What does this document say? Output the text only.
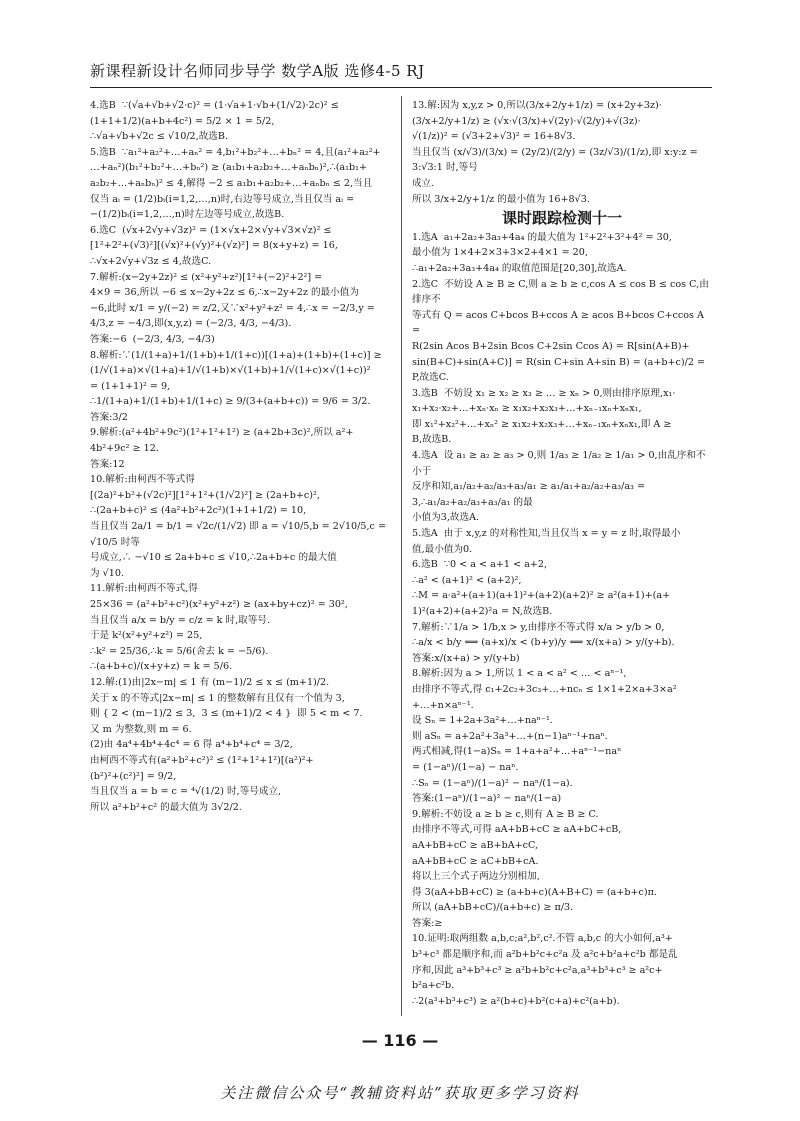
新课程新设计名师同步导学 数学A版 选修4-5 RJ
4.选B  ∵(√a+√b+√2·c)² = (1·√a+1·√b+(1/√2)·2c)² ≤
(1+1+1/2)(a+b+4c²) = 5/2 × 1 = 5/2,
∴√a+√b+√2c ≤ √10/2,故选B.
5.选B  ∵a₁²+a₂²+…+aₙ² = 4,b₁²+b₂²+…+bₙ² = 4,且(a₁²+a₂²+
…+aₙ²)(b₁²+b₂²+…+bₙ²) ≥ (a₁b₁+a₂b₂+…+aₙbₙ)²,∴(a₁b₁+
a₂b₂+…+aₙbₙ)² ≤ 4,解得 −2 ≤ a₁b₁+a₂b₂+…+aₙbₙ ≤ 2,当且
仅当 aᵢ = (1/2)bᵢ(i=1,2,…,n)时,右边等号成立,当且仅当 aᵢ =
−(1/2)bᵢ(i=1,2,…,n)时左边等号成立,故选B.
6.选C  (√x+2√y+√3z)² = (1×√x+2×√y+√3×√z)² ≤
[1²+2²+(√3)²][(√x)²+(√y)²+(√z)²] = 8(x+y+z) = 16,
∴√x+2√y+√3z ≤ 4,故选C.
7.解析:(x−2y+2z)² ≤ (x²+y²+z²)[1²+(−2)²+2²] =
4×9 = 36,所以 −6 ≤ x−2y+2z ≤ 6,∴x−2y+2z 的最小值为
−6,此时 x/1 = y/(−2) = z/2,又∵x²+y²+z² = 4,∴x = −2/3,y =
4/3,z = −4/3,即(x,y,z) = (−2/3, 4/3, −4/3).
答案:−6  (−2/3, 4/3, −4/3)
8.解析:∵(1/(1+a)+1/(1+b)+1/(1+c))[(1+a)+(1+b)+(1+c)] ≥
(1/√(1+a)×√(1+a)+1/√(1+b)×√(1+b)+1/√(1+c)×√(1+c))²
= (1+1+1)² = 9,
∴1/(1+a)+1/(1+b)+1/(1+c) ≥ 9/(3+(a+b+c)) = 9/6 = 3/2.
答案:3/2
9.解析:(a²+4b²+9c²)(1²+1²+1²) ≥ (a+2b+3c)²,所以 a²+
4b²+9c² ≥ 12.
答案:12
10.解析:由柯西不等式得
[(2a)²+b²+(√2c)²][1²+1²+(1/√2)²] ≥ (2a+b+c)²,
∴(2a+b+c)² ≤ (4a²+b²+2c²)(1+1+1/2) = 10,
当且仅当 2a/1 = b/1 = √2c/(1/√2) 即 a = √10/5,b = 2√10/5,c = √10/5 时等
号成立,∴ −√10 ≤ 2a+b+c ≤ √10,∴2a+b+c 的最大值
为 √10.
11.解析:由柯西不等式,得
25×36 = (a²+b²+c²)(x²+y²+z²) ≥ (ax+by+cz)² = 30²,
当且仅当 a/x = b/y = c/z = k 时,取等号.
于是 k²(x²+y²+z²) = 25,
∴k² = 25/36,∴k = 5/6(舍去 k = −5/6).
∴(a+b+c)/(x+y+z) = k = 5/6.
12.解:(1)由|2x−m| ≤ 1 有 (m−1)/2 ≤ x ≤ (m+1)/2.
关于 x 的不等式|2x−m| ≤ 1 的整数解有且仅有一个值为 3,
则 { 2 < (m−1)/2 ≤ 3,  3 ≤ (m+1)/2 < 4 }  即 5 < m < 7.
又 m 为整数,则 m = 6.
(2)由 4a⁴+4b⁴+4c⁴ = 6 得 a⁴+b⁴+c⁴ = 3/2,
由柯西不等式有(a²+b²+c²)² ≤ (1²+1²+1²)[(a²)²+
(b²)²+(c²)²] = 9/2,
当且仅当 a = b = c = ⁴√(1/2) 时,等号成立,
所以 a²+b²+c² 的最大值为 3√2/2.
13.解:因为 x,y,z > 0,所以(3/x+2/y+1/z) = (x+2y+3z)·
(3/x+2/y+1/z) ≥ (√x·√(3/x)+√(2y)·√(2/y)+√(3z)·
√(1/z))² = (√3+2+√3)² = 16+8√3.
当且仅当 (x/√3)/(3/x) = (2y/2)/(2/y) = (3z/√3)/(1/z),即 x:y:z = 3:√3:1 时,等号
成立.
所以 3/x+2/y+1/z 的最小值为 16+8√3.
课时跟踪检测十一
1.选A  a₁+2a₂+3a₃+4a₄ 的最大值为 1²+2²+3²+4² = 30,
最小值为 1×4+2×3+3×2+4×1 = 20,
∴a₁+2a₂+3a₃+4a₄ 的取值范围是[20,30],故选A.
2.选C  不妨设 A ≥ B ≥ C,则 a ≥ b ≥ c,cos A ≤ cos B ≤ cos C,由排序不
等式有 Q = acos C+bcos B+ccos A ≥ acos B+bcos C+ccos A =
R(2sin Acos B+2sin Bcos C+2sin Ccos A) = R[sin(A+B)+
sin(B+C)+sin(A+C)] = R(sin C+sin A+sin B) = (a+b+c)/2 =
P,故选C.
3.选B  不妨设 x₁ ≥ x₂ ≥ x₃ ≥ … ≥ xₙ > 0,则由排序原理,x₁·
x₁+x₂·x₂+…+xₙ·xₙ ≥ x₁x₂+x₂x₃+…+xₙ₋₁xₙ+xₙx₁,
即 x₁²+x₂²+…+xₙ² ≥ x₁x₂+x₂x₃+…+xₙ₋₁xₙ+xₙx₁,即 A ≥
B,故选B.
4.选A  设 a₁ ≥ a₂ ≥ a₃ > 0,则 1/a₃ ≥ 1/a₂ ≥ 1/a₁ > 0,由乱序和不小于
反序和知,a₁/a₂+a₂/a₃+a₃/a₁ ≥ a₁/a₁+a₂/a₂+a₃/a₃ = 3,∴a₁/a₂+a₂/a₃+a₃/a₁ 的最
小值为3,故选A.
5.选A  由于 x,y,z 的对称性知,当且仅当 x = y = z 时,取得最小
值,最小值为0.
6.选B  ∵0 < a < a+1 < a+2,
∴a² < (a+1)² < (a+2)²,
∴M = a·a²+(a+1)(a+1)²+(a+2)(a+2)² ≥ a²(a+1)+(a+
1)²(a+2)+(a+2)²a = N,故选B.
7.解析:∵1/a > 1/b,x > y,由排序不等式得 x/a > y/b > 0,
∴a/x < b/y ⟺ (a+x)/x < (b+y)/y ⟺ x/(x+a) > y/(y+b).
答案:x/(x+a) > y/(y+b)
8.解析:因为 a > 1,所以 1 < a < a² < … < aⁿ⁻¹,
由排序不等式,得 c₁+2c₂+3c₃+…+ncₙ ≤ 1×1+2×a+3×a²
+…+n×aⁿ⁻¹.
设 Sₙ = 1+2a+3a²+…+naⁿ⁻¹.
则 aSₙ = a+2a²+3a³+…+(n−1)aⁿ⁻¹+naⁿ.
两式相减,得(1−a)Sₙ = 1+a+a²+…+aⁿ⁻¹−naⁿ
= (1−aⁿ)/(1−a) − naⁿ.
∴Sₙ = (1−aⁿ)/(1−a)² − naⁿ/(1−a).
答案:(1−aⁿ)/(1−a)² − naⁿ/(1−a)
9.解析:不妨设 a ≥ b ≥ c,则有 A ≥ B ≥ C.
由排序不等式,可得 aA+bB+cC ≥ aA+bC+cB,
aA+bB+cC ≥ aB+bA+cC,
aA+bB+cC ≥ aC+bB+cA.
将以上三个式子两边分别相加,
得 3(aA+bB+cC) ≥ (a+b+c)(A+B+C) = (a+b+c)π.
所以 (aA+bB+cC)/(a+b+c) ≥ π/3.
答案:≥
10.证明:取两组数 a,b,c;a²,b²,c².不管 a,b,c 的大小如何,a³+
b³+c³ 都是顺序和,而 a²b+b²c+c²a 及 a²c+b²a+c²b 都是乱
序和,因此 a³+b³+c³ ≥ a²b+b²c+c²a,a³+b³+c³ ≥ a²c+
b²a+c²b.
∴2(a³+b³+c³) ≥ a²(b+c)+b²(c+a)+c²(a+b).
— 116 —
关注微信公众号“教辅资料站”获取更多学习资料
